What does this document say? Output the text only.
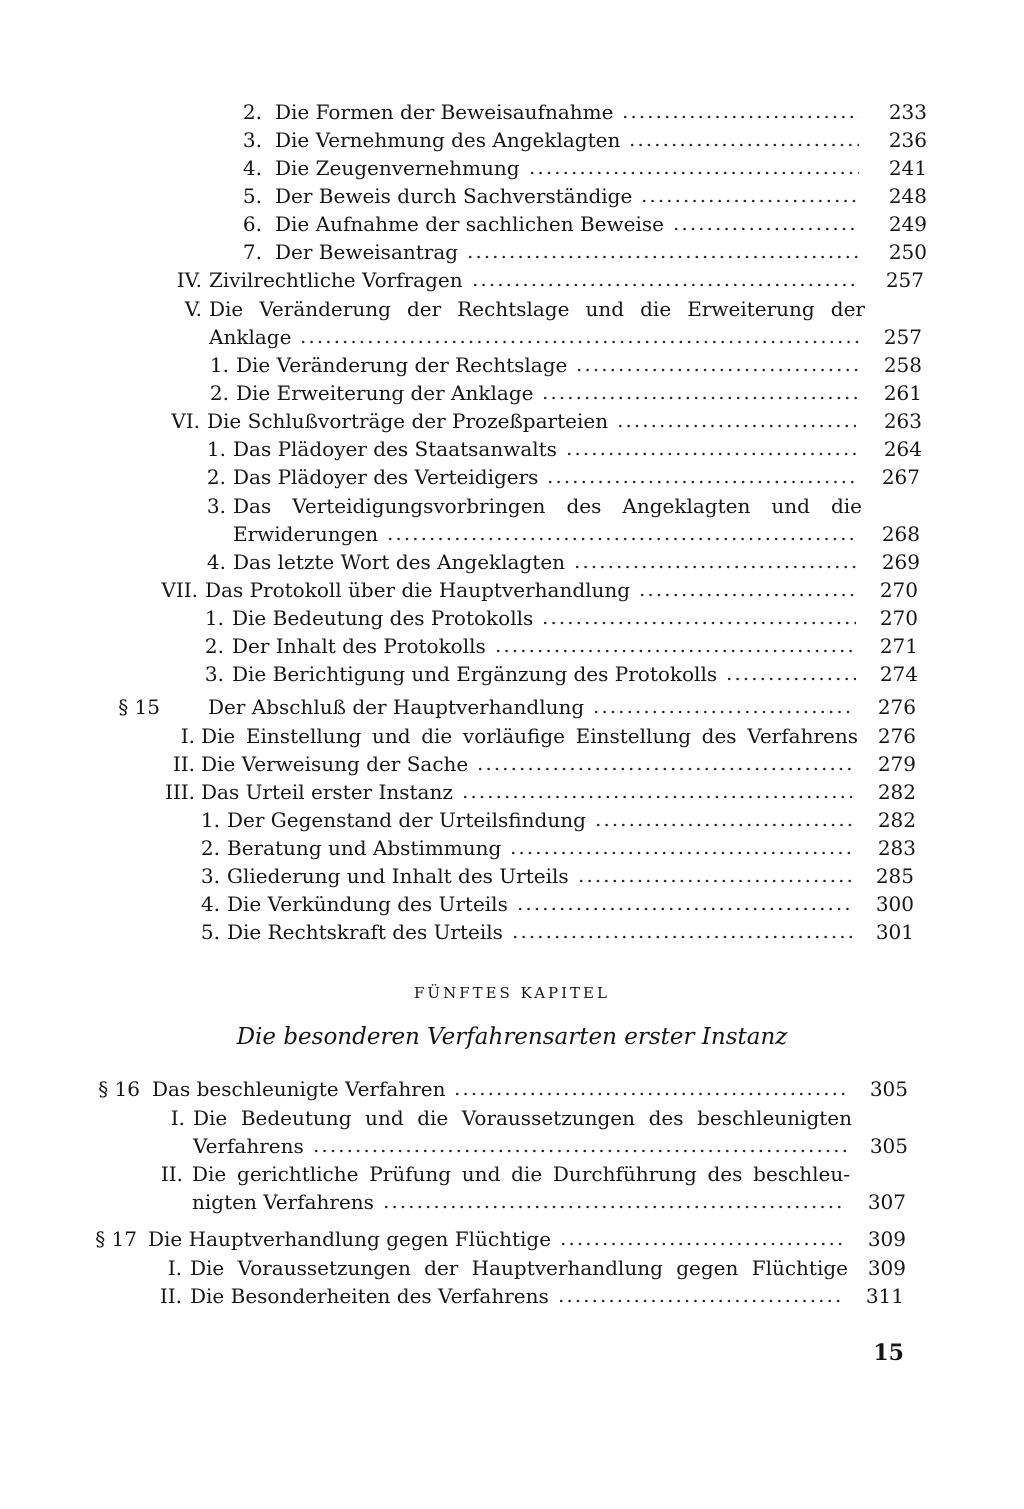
2. Die Formen der Beweisaufnahme	233
3. Die Vernehmung des Angeklagten	236
4. Die Zeugenvernehmung	241
5. Der Beweis durch Sachverständige	248
6. Die Aufnahme der sachlichen Beweise	249
7. Der Beweisantrag	250
IV. Zivilrechtliche Vorfragen	257
V. Die Veränderung der Rechtslage und die Erweiterung der
Anklage	257
1. Die Veränderung der Rechtslage	258
2. Die Erweiterung der Anklage	261
VI. Die Schlußvorträge der Prozeßparteien	263
1. Das Plädoyer des Staatsanwalts	264
2. Das Plädoyer des Verteidigers	267
3. Das Verteidigungsvorbringen des Angeklagten und die
Erwiderungen	268
4. Das letzte Wort des Angeklagten	269
VII. Das Protokoll über die Hauptverhandlung	270
1. Die Bedeutung des Protokolls	270
2. Der Inhalt des Protokolls	271
3. Die Berichtigung und Ergänzung des Protokolls	274
§ 15 Der Abschluß der Hauptverhandlung	276
I. Die Einstellung und die vorläufige Einstellung des Verfahrens 276
II. Die Verweisung der Sache	279
III. Das Urteil erster Instanz	282
1. Der Gegenstand der Urteilsfindung	282
2. Beratung und Abstimmung	283
3. Gliederung und Inhalt des Urteils	285
4. Die Verkündung des Urteils	300
5. Die Rechtskraft des Urteils	301
FÜNFTES KAPITEL
Die besonderen Verfahrensarten erster Instanz
§ 16 Das beschleunigte Verfahren	305
I. Die Bedeutung und die Voraussetzungen des beschleunigten
Verfahrens	305
II. Die gerichtliche Prüfung und die Durchführung des beschleu-
nigten Verfahrens	307
§ 17 Die Hauptverhandlung gegen Flüchtige	309
I. Die Voraussetzungen der Hauptverhandlung gegen Flüchtige 309
II. Die Besonderheiten des Verfahrens	311
15
